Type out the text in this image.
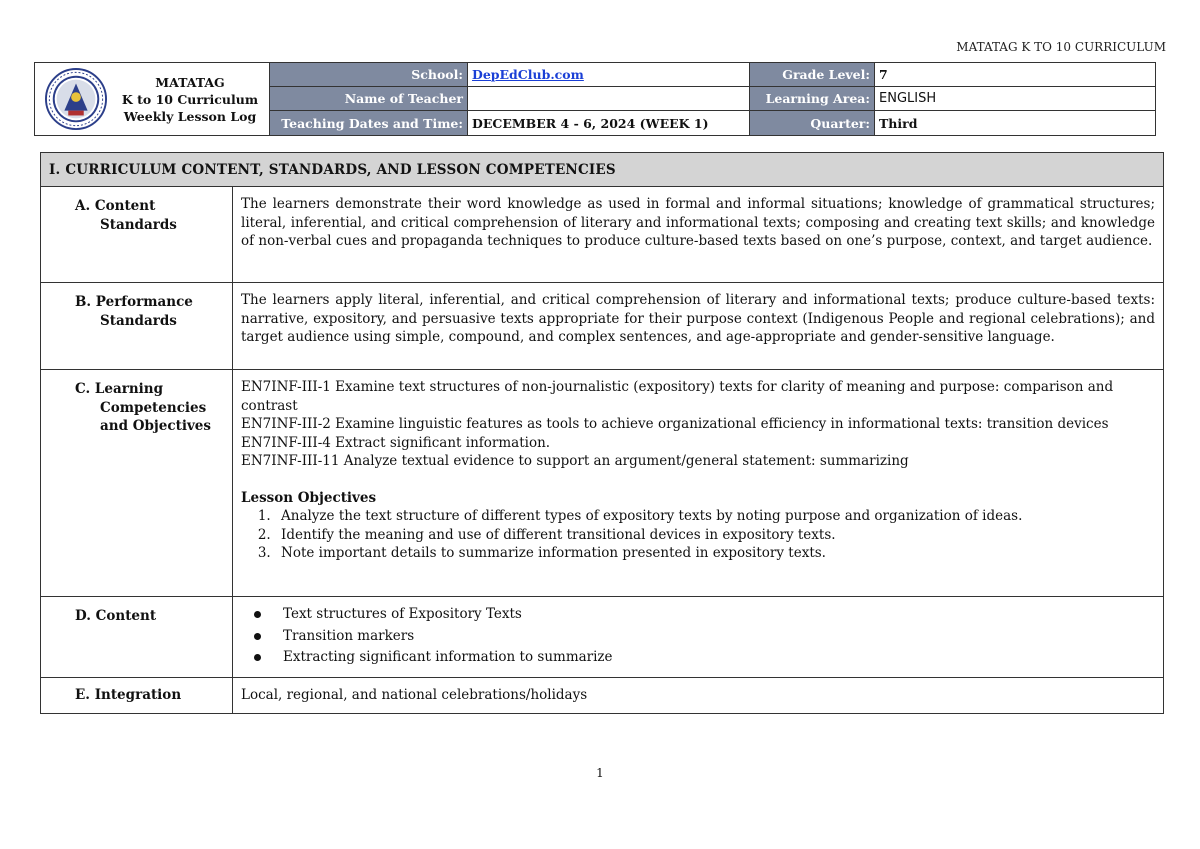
MATATAG K TO 10 CURRICULUM
MATATAG
K to 10 Curriculum
Weekly Lesson Log
School: DepEdClub.com	Grade Level: 7
Name of Teacher	Learning Area: ENGLISH
Teaching Dates and Time: DECEMBER 4 - 6, 2024 (WEEK 1)	Quarter: Third
I. CURRICULUM CONTENT, STANDARDS, AND LESSON COMPETENCIES
A. Content
Standards
The learners demonstrate their word knowledge as used in formal and informal situations; knowledge of grammatical structures; literal, inferential, and critical comprehension of literary and informational texts; composing and creating text skills; and knowledge of non-verbal cues and propaganda techniques to produce culture-based texts based on one’s purpose, context, and target audience.
B. Performance
Standards
The learners apply literal, inferential, and critical comprehension of literary and informational texts; produce culture-based texts: narrative, expository, and persuasive texts appropriate for their purpose context (Indigenous People and regional celebrations); and target audience using simple, compound, and complex sentences, and age-appropriate and gender-sensitive language.
C. Learning
Competencies
and Objectives
EN7INF-III-1 Examine text structures of non-journalistic (expository) texts for clarity of meaning and purpose: comparison and contrast
EN7INF-III-2 Examine linguistic features as tools to achieve organizational efficiency in informational texts: transition devices
EN7INF-III-4 Extract significant information.
EN7INF-III-11 Analyze textual evidence to support an argument/general statement: summarizing
Lesson Objectives
1. Analyze the text structure of different types of expository texts by noting purpose and organization of ideas.
2. Identify the meaning and use of different transitional devices in expository texts.
3. Note important details to summarize information presented in expository texts.
D. Content	Text structures of Expository Texts
Transition markers
Extracting significant information to summarize
E. Integration	Local, regional, and national celebrations/holidays
1
